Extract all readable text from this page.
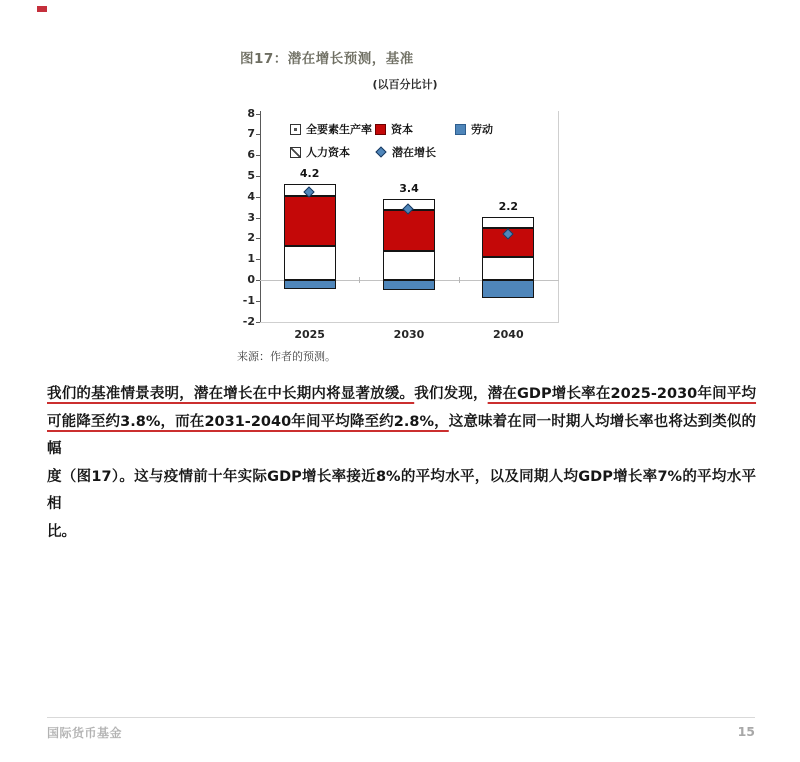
图17：潜在增长预测，基准
(以百分比计)
全要素生产率 资本	劳动
人力资本	潜在增长
8
7
6
5
4
3
2
1
0
-1
-2
4.2
2025
3.4
2030
2.2
2040
来源：作者的预测。
我们的基准情景表明，潜在增长在中长期内将显著放缓。我们发现，潜在GDP增长率在2025-2030年间平均
可能降至约3.8%，而在2031-2040年间平均降至约2.8%，这意味着在同一时期人均增长率也将达到类似的幅
度（图17）。这与疫情前十年实际GDP增长率接近8%的平均水平，以及同期人均GDP增长率7%的平均水平相
比。
国际货币基金	15
